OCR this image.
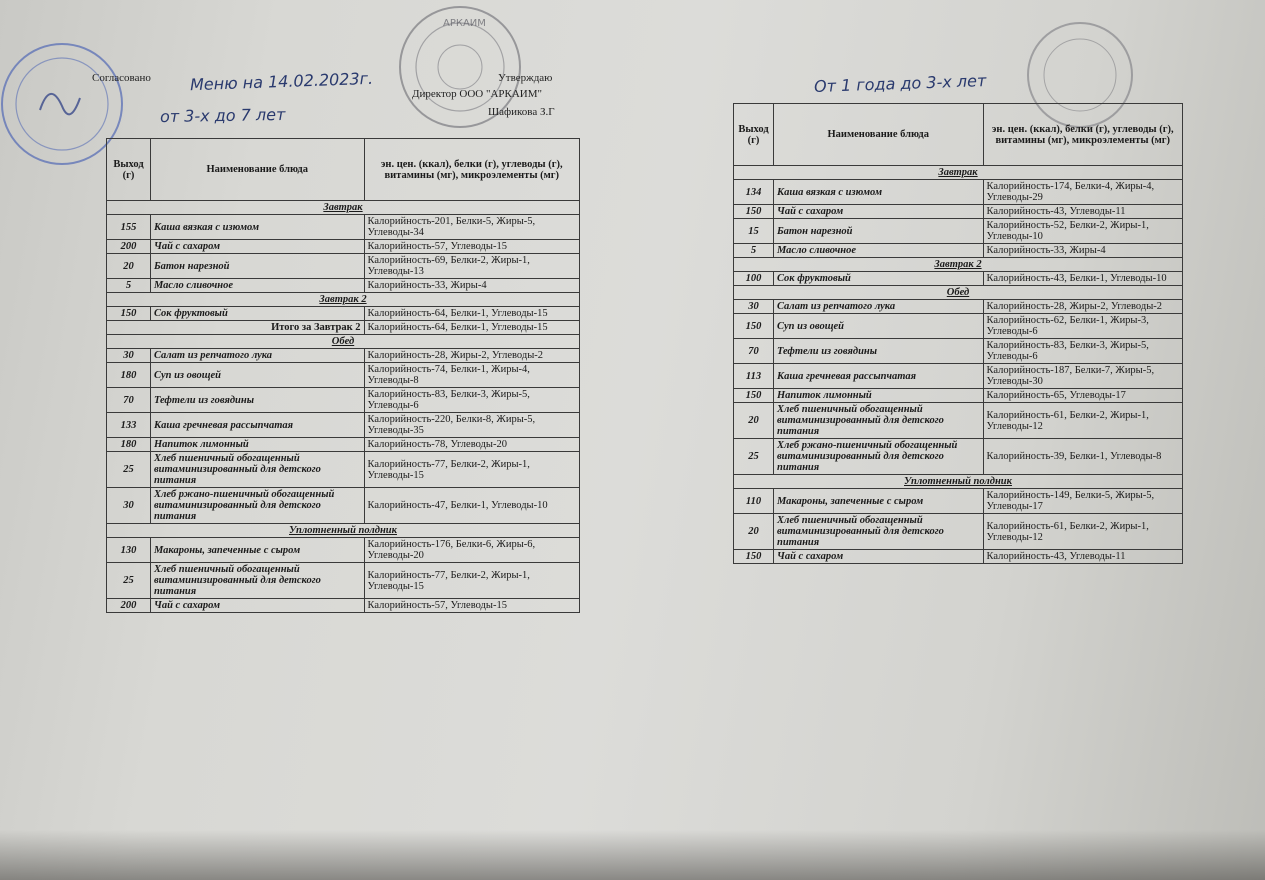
Согласовано
АРКАИМ
Утверждаю
Директор ООО "АРКАИМ"
Шафикова З.Г
Меню на 14.02.2023г.
от 3-х до 7 лет
Выход (г)	Наименование блюда	эн. цен. (ккал), белки (г), углеводы (г), витамины (мг), микроэлементы (мг)
Завтрак		
155	Каша вязкая с изюмом	Калорийность-201, Белки-5, Жиры-5, Углеводы-34
200	Чай с сахаром	Калорийность-57, Углеводы-15
20	Батон нарезной	Калорийность-69, Белки-2, Жиры-1, Углеводы-13
5	Масло сливочное	Калорийность-33, Жиры-4
Завтрак 2		
150	Сок фруктовый	Калорийность-64, Белки-1, Углеводы-15
Итого за Завтрак 2		Калорийность-64, Белки-1, Углеводы-15
Обед		
30	Салат из репчатого лука	Калорийность-28, Жиры-2, Углеводы-2
180	Суп из овощей	Калорийность-74, Белки-1, Жиры-4, Углеводы-8
70	Тефтели из говядины	Калорийность-83, Белки-3, Жиры-5, Углеводы-6
133	Каша гречневая рассыпчатая	Калорийность-220, Белки-8, Жиры-5, Углеводы-35
180	Напиток лимонный	Калорийность-78, Углеводы-20
25	Хлеб пшеничный обогащенный витаминизированный для детского питания	Калорийность-77, Белки-2, Жиры-1, Углеводы-15
30	Хлеб ржано-пшеничный обогащенный витаминизированный для детского питания	Калорийность-47, Белки-1, Углеводы-10
Уплотненный полдник		
130	Макароны, запеченные с сыром	Калорийность-176, Белки-6, Жиры-6, Углеводы-20
25	Хлеб пшеничный обогащенный витаминизированный для детского питания	Калорийность-77, Белки-2, Жиры-1, Углеводы-15
200	Чай с сахаром	Калорийность-57, Углеводы-15
От 1 года до 3-х лет
Выход (г)	Наименование блюда	эн. цен. (ккал), белки (г), углеводы (г), витамины (мг), микроэлементы (мг)
Завтрак		
134	Каша вязкая с изюмом	Калорийность-174, Белки-4, Жиры-4, Углеводы-29
150	Чай с сахаром	Калорийность-43, Углеводы-11
15	Батон нарезной	Калорийность-52, Белки-2, Жиры-1, Углеводы-10
5	Масло сливочное	Калорийность-33, Жиры-4
Завтрак 2		
100	Сок фруктовый	Калорийность-43, Белки-1, Углеводы-10
Обед		
30	Салат из репчатого лука	Калорийность-28, Жиры-2, Углеводы-2
150	Суп из овощей	Калорийность-62, Белки-1, Жиры-3, Углеводы-6
70	Тефтели из говядины	Калорийность-83, Белки-3, Жиры-5, Углеводы-6
113	Каша гречневая рассыпчатая	Калорийность-187, Белки-7, Жиры-5, Углеводы-30
150	Напиток лимонный	Калорийность-65, Углеводы-17
20	Хлеб пшеничный обогащенный витаминизированный для детского питания	Калорийность-61, Белки-2, Жиры-1, Углеводы-12
25	Хлеб ржано-пшеничный обогащенный витаминизированный для детского питания	Калорийность-39, Белки-1, Углеводы-8
Уплотненный полдник		
110	Макароны, запеченные с сыром	Калорийность-149, Белки-5, Жиры-5, Углеводы-17
20	Хлеб пшеничный обогащенный витаминизированный для детского питания	Калорийность-61, Белки-2, Жиры-1, Углеводы-12
150	Чай с сахаром	Калорийность-43, Углеводы-11
